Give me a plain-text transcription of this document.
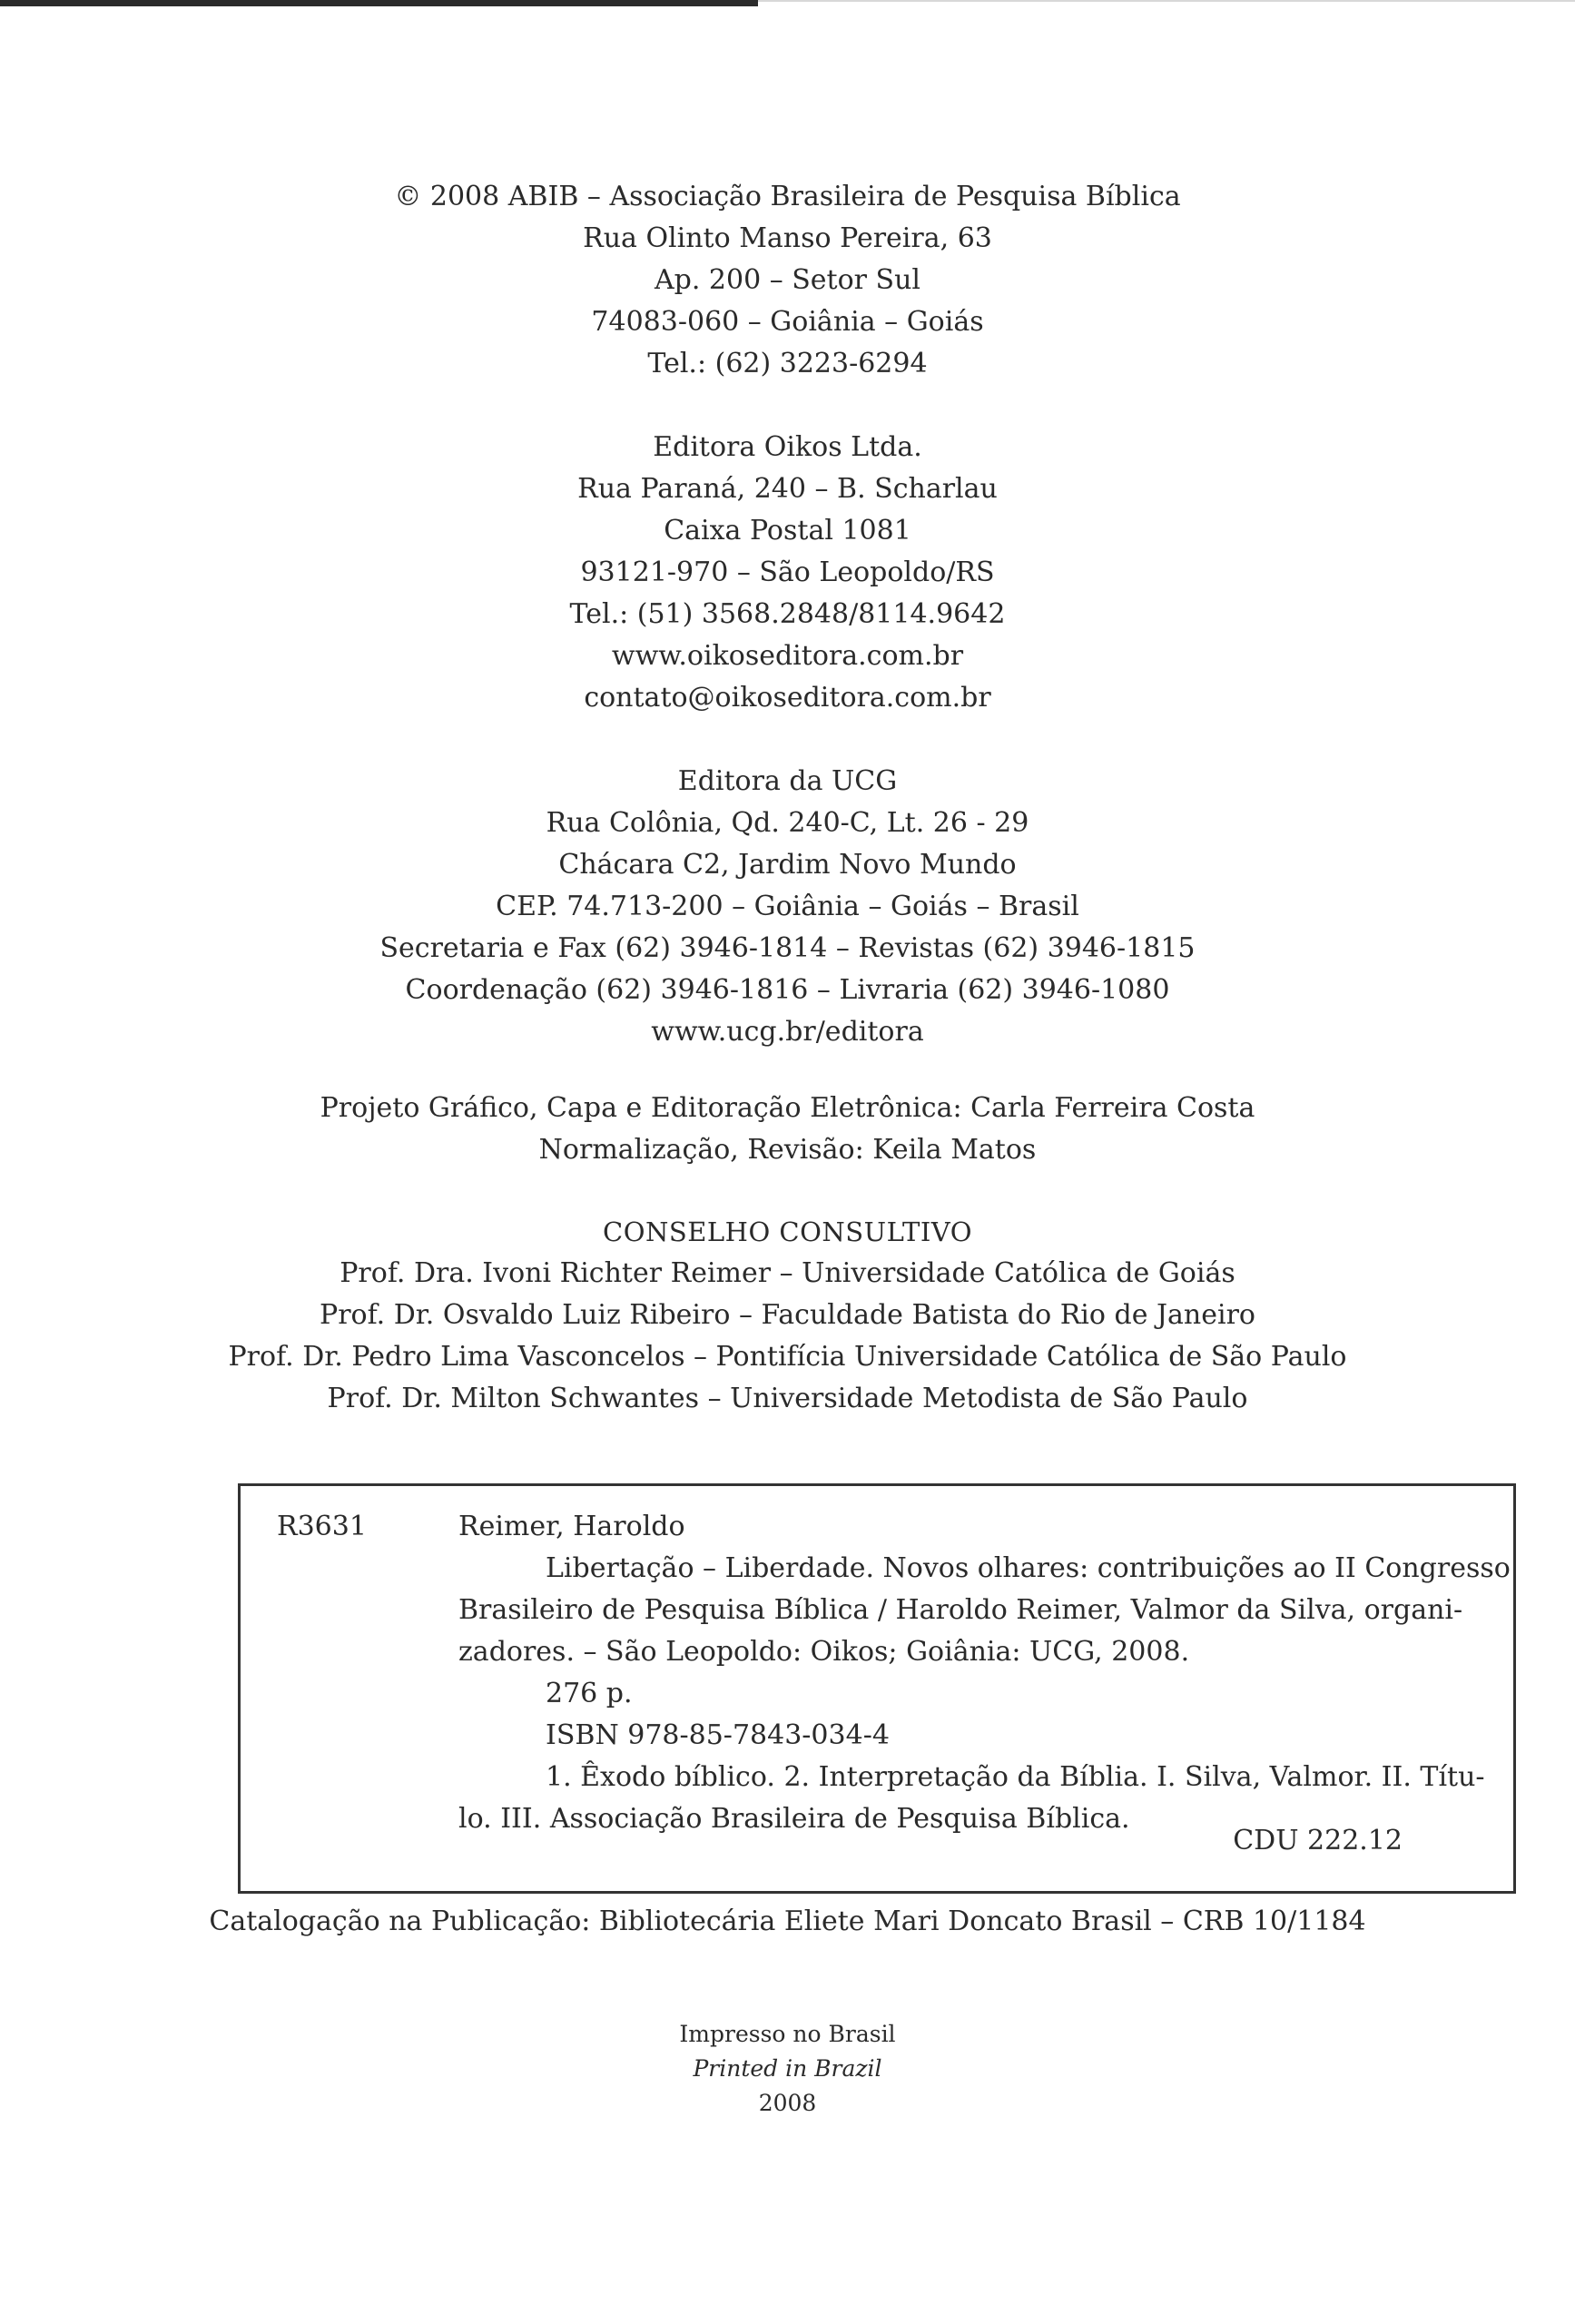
© 2008 ABIB – Associação Brasileira de Pesquisa Bíblica
Rua Olinto Manso Pereira, 63
Ap. 200 – Setor Sul
74083-060 – Goiânia – Goiás
Tel.: (62) 3223-6294
Editora Oikos Ltda.
Rua Paraná, 240 – B. Scharlau
Caixa Postal 1081
93121-970 – São Leopoldo/RS
Tel.: (51) 3568.2848/8114.9642
www.oikoseditora.com.br
contato@oikoseditora.com.br
Editora da UCG
Rua Colônia, Qd. 240-C, Lt. 26 - 29
Chácara C2, Jardim Novo Mundo
CEP. 74.713-200 – Goiânia – Goiás – Brasil
Secretaria e Fax (62) 3946-1814 – Revistas (62) 3946-1815
Coordenação (62) 3946-1816 – Livraria (62) 3946-1080
www.ucg.br/editora
Projeto Gráfico, Capa e Editoração Eletrônica: Carla Ferreira Costa
Normalização, Revisão: Keila Matos
CONSELHO CONSULTIVO
Prof. Dra. Ivoni Richter Reimer – Universidade Católica de Goiás
Prof. Dr. Osvaldo Luiz Ribeiro – Faculdade Batista do Rio de Janeiro
Prof. Dr. Pedro Lima Vasconcelos – Pontifícia Universidade Católica de São Paulo
Prof. Dr. Milton Schwantes – Universidade Metodista de São Paulo
R3631	Reimer, Haroldo
Libertação – Liberdade. Novos olhares: contribuições ao II Congresso
Brasileiro de Pesquisa Bíblica / Haroldo Reimer, Valmor da Silva, organi-
zadores. – São Leopoldo: Oikos; Goiânia: UCG, 2008.
276 p.
ISBN 978-85-7843-034-4
1. Êxodo bíblico. 2. Interpretação da Bíblia. I. Silva, Valmor. II. Títu-
lo. III. Associação Brasileira de Pesquisa Bíblica.
CDU 222.12
Catalogação na Publicação: Bibliotecária Eliete Mari Doncato Brasil – CRB 10/1184
Impresso no Brasil
Printed in Brazil
2008
